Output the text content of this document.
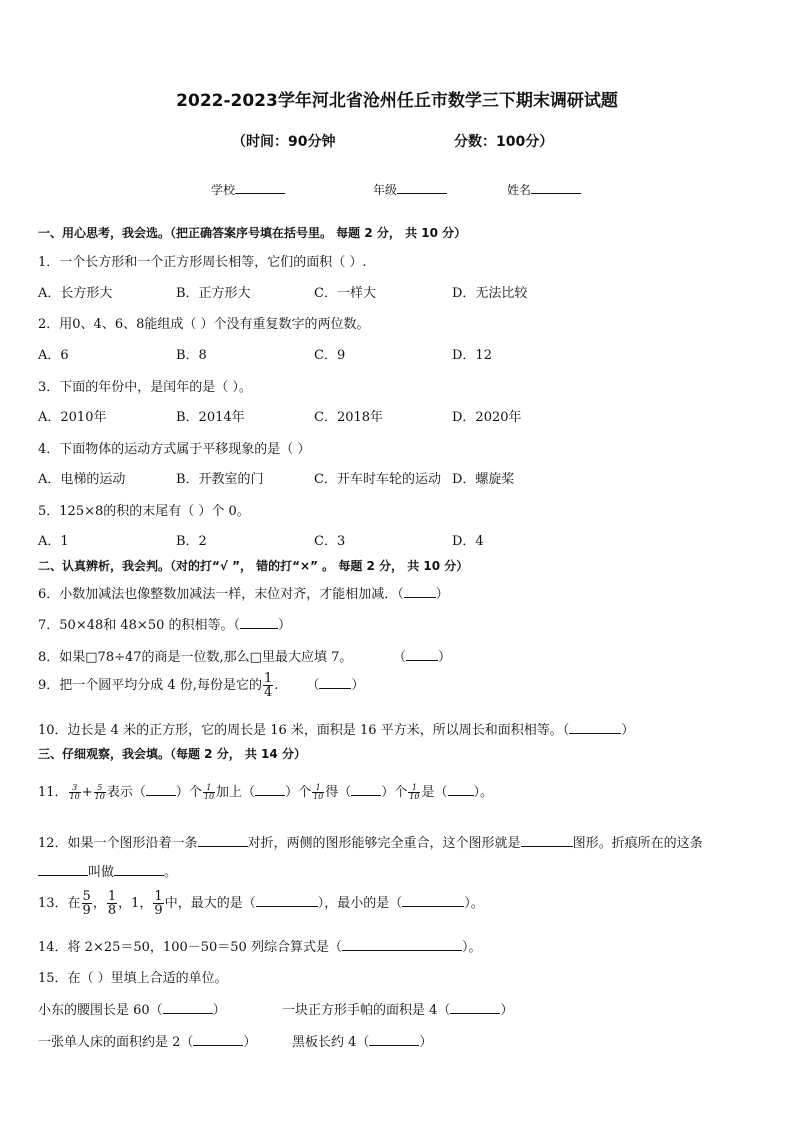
2022-2023学年河北省沧州任丘市数学三下期末调研试题
（时间：90分钟	分数：100分）
学校	年级	姓名
一、用心思考，我会选。（把正确答案序号填在括号里。 每题 2 分， 共 10 分）
1．一个长方形和一个正方形周长相等，它们的面积（ ）.
A．长方形大	B．正方形大	C．一样大	D．无法比较
2．用0、4、6、8能组成（ ）个没有重复数字的两位数。
A．6	B．8	C．9	D．12
3．下面的年份中，是闰年的是（ ）。
A．2010年	B．2014年	C．2018年	D．2020年
4．下面物体的运动方式属于平移现象的是（ ）
A．电梯的运动	B．开教室的门	C．开车时车轮的运动 D．螺旋桨
5．125×8的积的末尾有（ ）个 0。
A．1	B．2	C．3	D．4
二、认真辨析，我会判。（对的打“√ ”， 错的打“×” 。 每题 2 分， 共 10 分）
6．小数加减法也像整数加减法一样，末位对齐，才能相加减．（ ）
7．50×48和 48×50 的积相等。（	）
8．如果□78÷47的商是一位数,那么□里最大应填 7。	（ ）
9．把一个圆平均分成 4 份,每份是它的 $\frac{1}{4}$ . （ ）
10．边长是 4 米的正方形，它的周长是 16 米，面积是 16 平方米，所以周长和面积相等。（	）
三、仔细观察，我会填。（每题 2 分， 共 14 分）
11． $\frac{3}{10} + \frac{5}{10}$ 表示（ ）个 $\frac{1}{10}$ 加上（ ）个 $\frac{1}{10}$ 得（ ）个 $\frac{1}{10}$ 是（ ）。
12．如果一个图形沿着一条	对折，两侧的图形能够完全重合，这个图形就是	图形。折痕所在的这条
叫做	。
13．在 $\frac{5}{9}$ ， $\frac{1}{8}$ ，1， $\frac{1}{9}$ 中，最大的是（	），最小的是（	）。
14．将 2×25＝50，100－50＝50 列综合算式是（	）。
15．在（ ）里填上合适的单位。
小东的腰围长是 60（	）	一块正方形手帕的面积是 4（	）
一张单人床的面积约是 2（	）	黑板长约 4（	）
